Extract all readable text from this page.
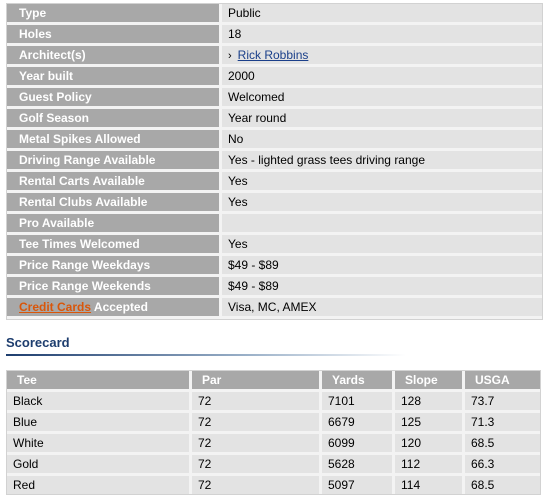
Type	Public
Holes	18
Architect(s)	› Rick Robbins
Year built	2000
Guest Policy	Welcomed
Golf Season	Year round
Metal Spikes Allowed	No
Driving Range Available	Yes - lighted grass tees driving range
Rental Carts Available	Yes
Rental Clubs Available	Yes
Pro Available	
Tee Times Welcomed	Yes
Price Range Weekdays	$49 - $89
Price Range Weekends	$49 - $89
Credit Cards Accepted	Visa, MC, AMEX
Scorecard
Tee	Par	Yards	Slope	USGA
Black	72	7101	128	73.7
Blue	72	6679	125	71.3
White	72	6099	120	68.5
Gold	72	5628	112	66.3
Red	72	5097	114	68.5
